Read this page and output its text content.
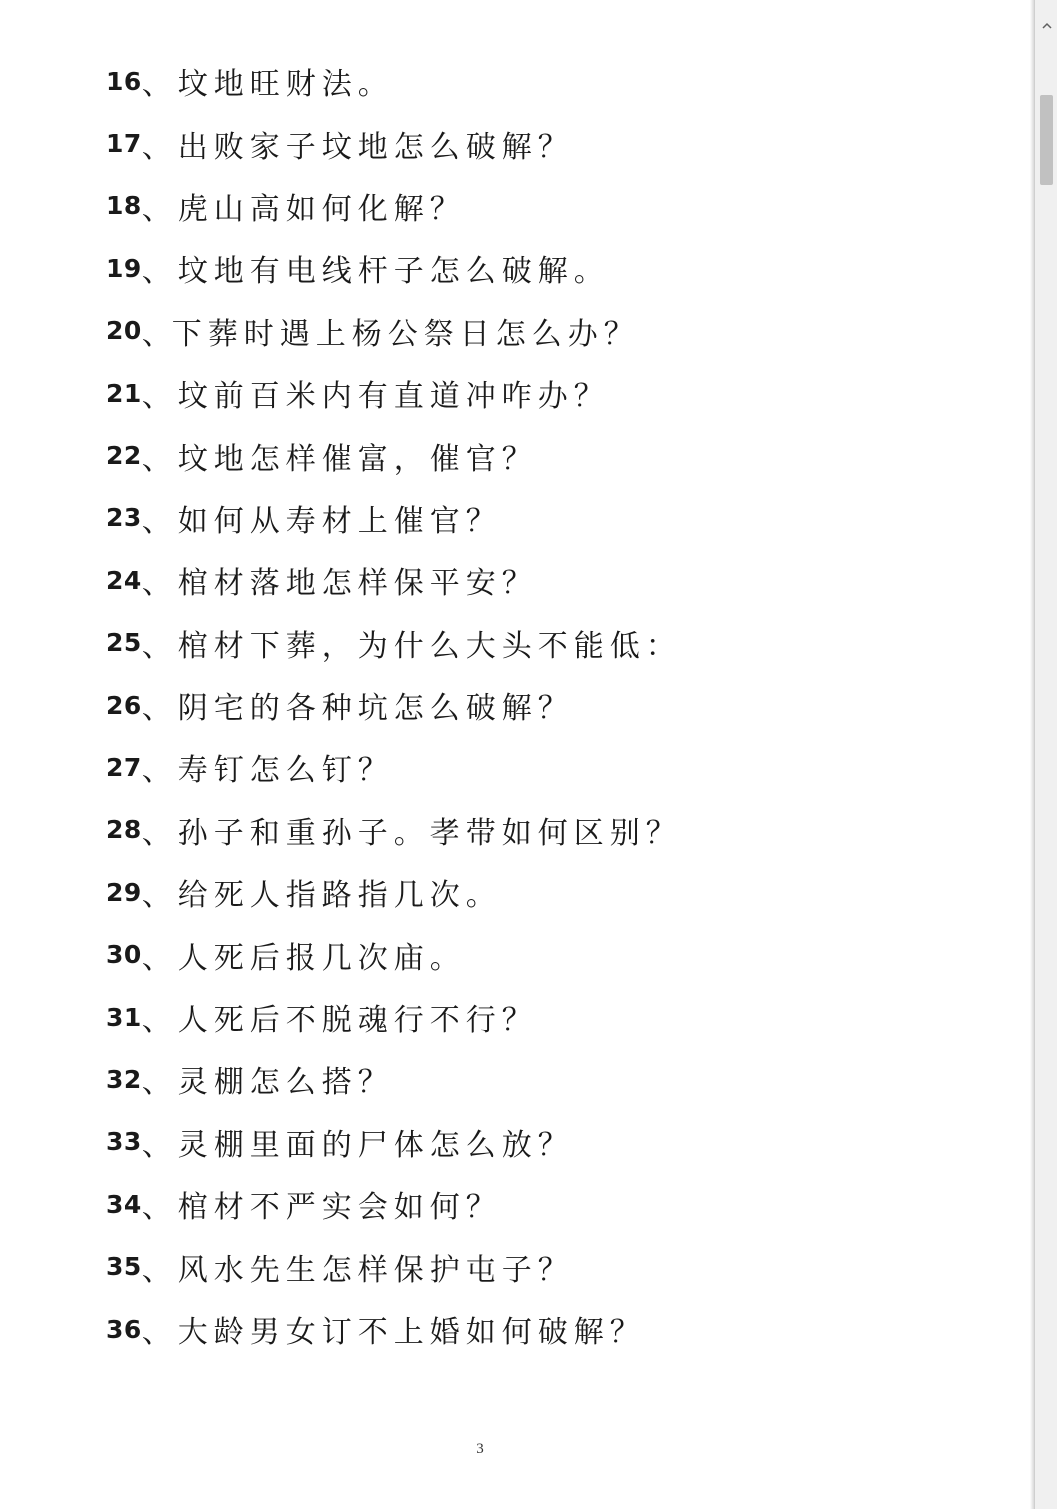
16 、 坟地旺财法。
17 、 出败家子坟地怎么破解？
18 、 虎山高如何化解？
19 、 坟地有电线杆子怎么破解。
20 、 下葬时遇上杨公祭日怎么办？
21 、 坟前百米内有直道冲咋办？
22 、 坟地怎样催富，催官？
23 、 如何从寿材上催官？
24 、 棺材落地怎样保平安？
25 、 棺材下葬，为什么大头不能低：
26 、 阴宅的各种坑怎么破解？
27 、 寿钉怎么钉？
28 、 孙子和重孙子。孝带如何区别？
29 、 给死人指路指几次。
30 、 人死后报几次庙。
31 、 人死后不脱魂行不行？
32 、 灵棚怎么搭？
33 、 灵棚里面的尸体怎么放？
34 、 棺材不严实会如何？
35 、 风水先生怎样保护屯子？
36 、 大龄男女订不上婚如何破解？
3
